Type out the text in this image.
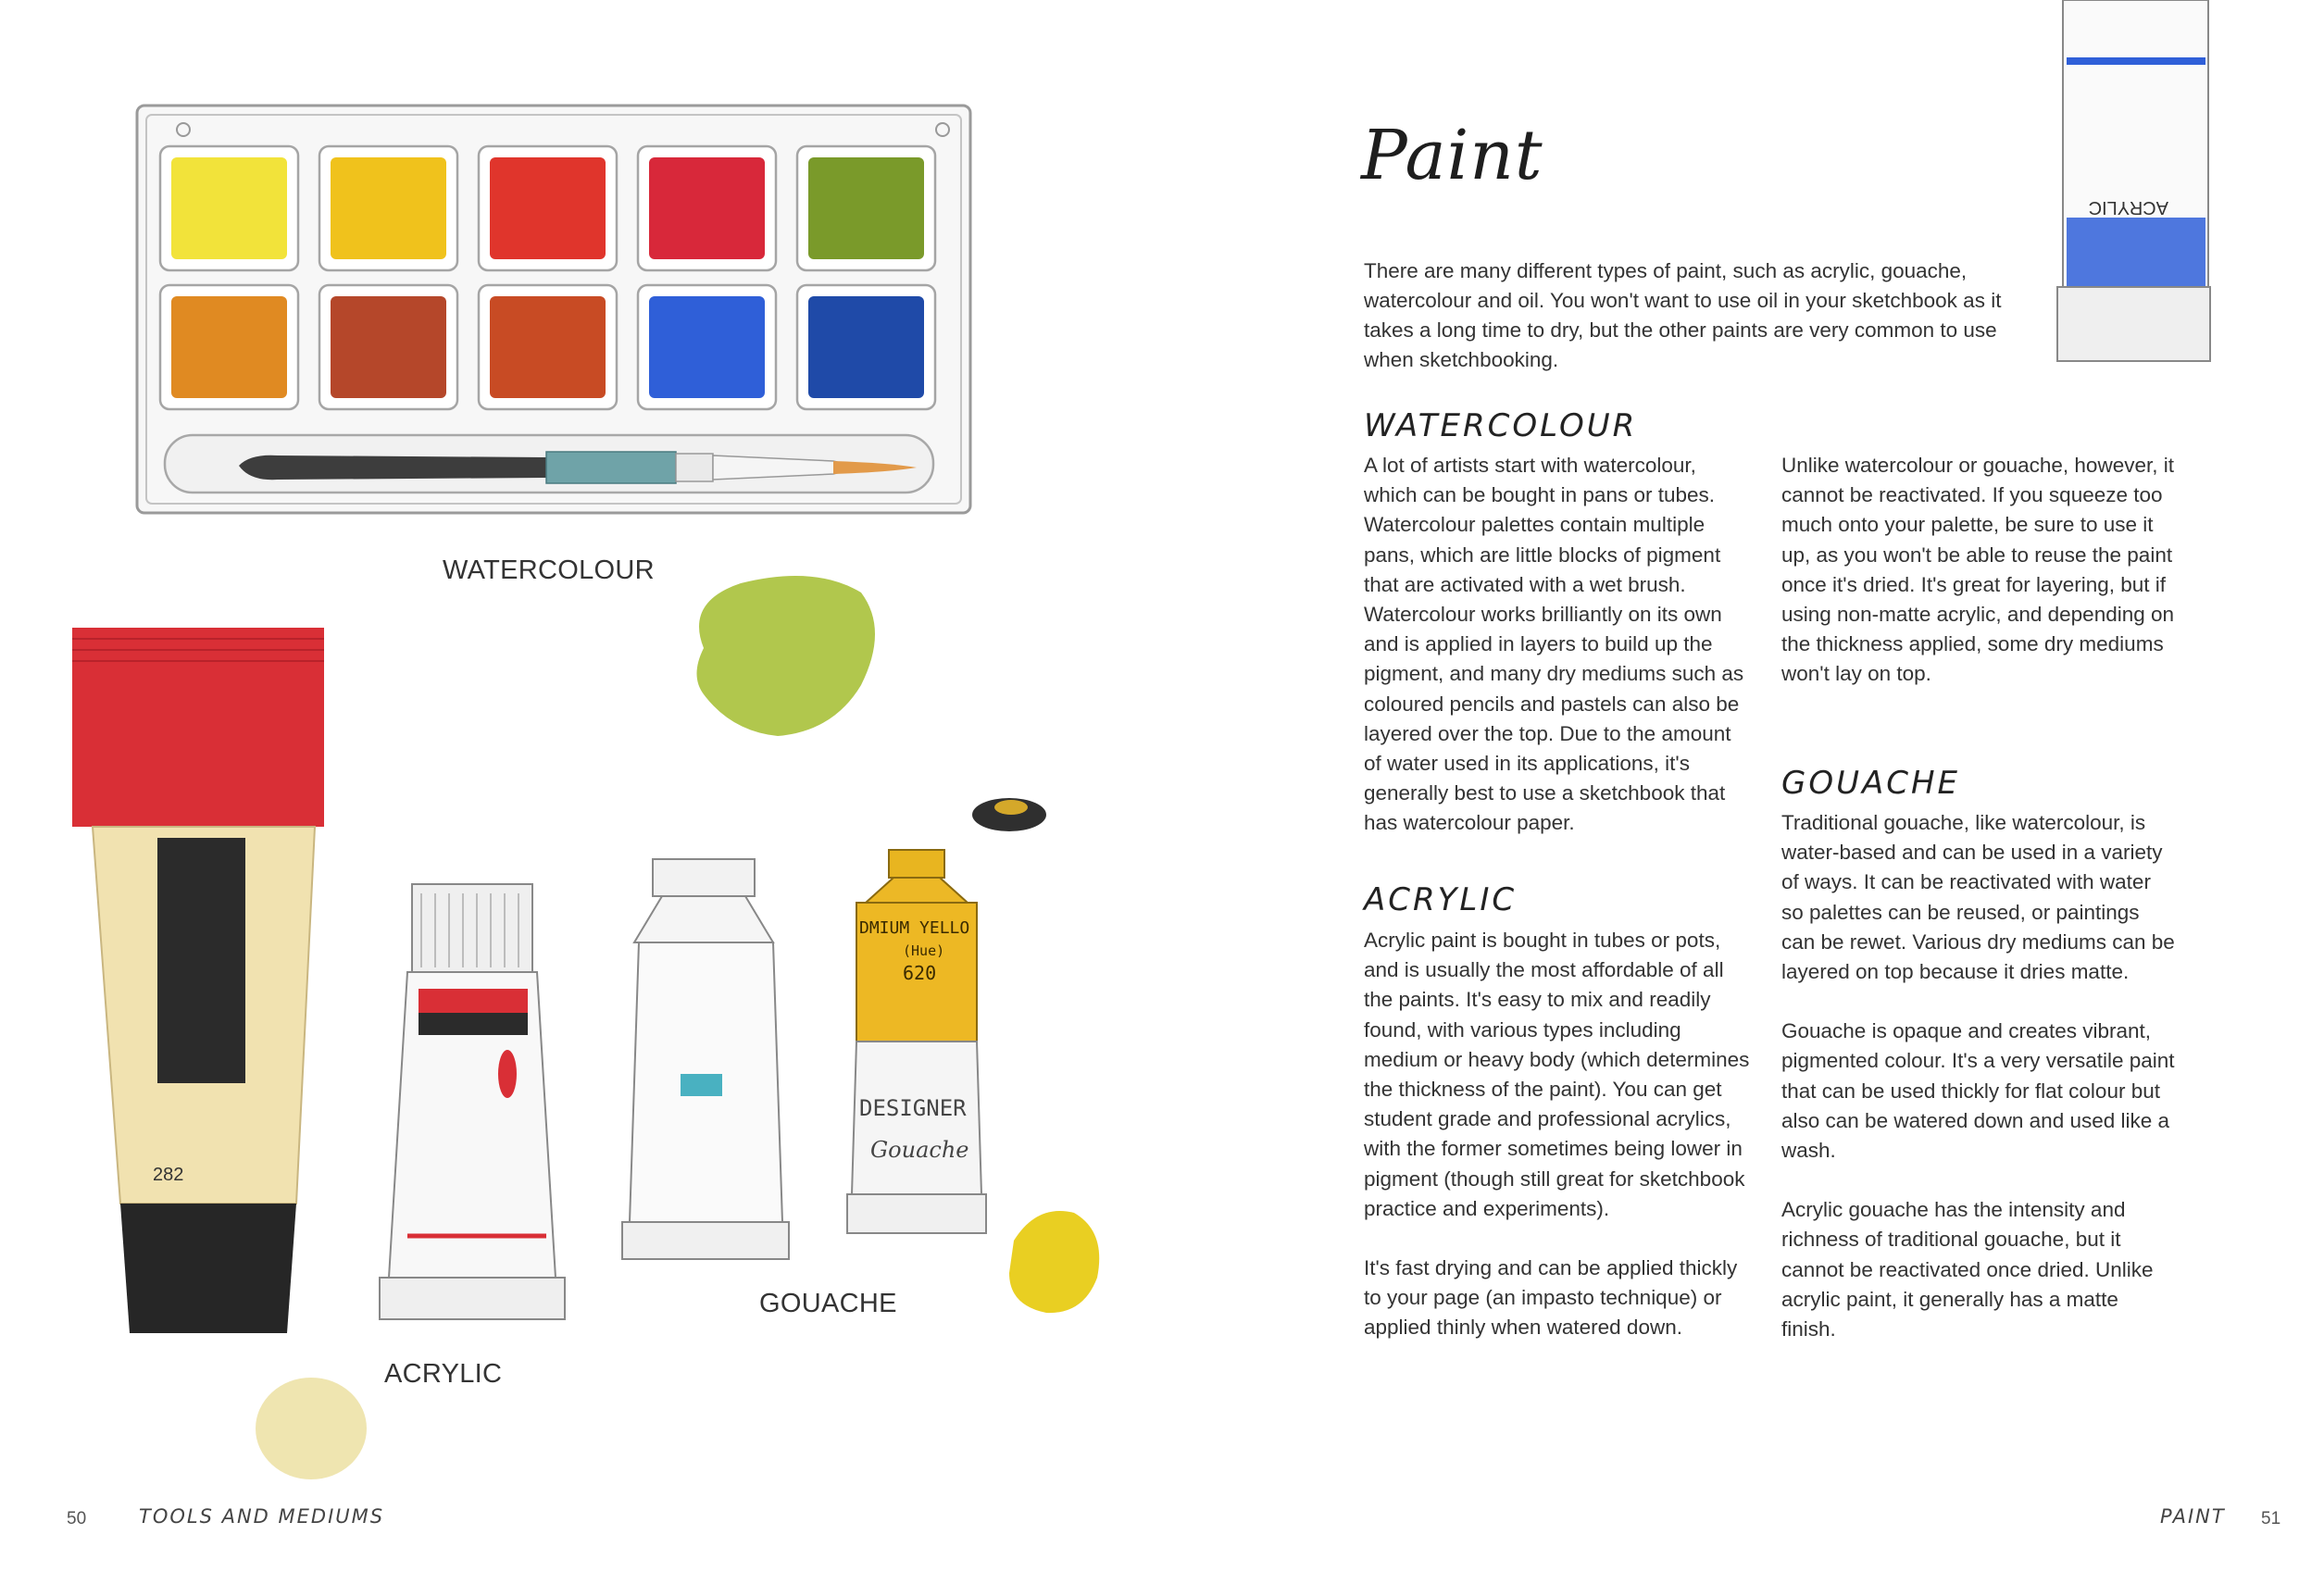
282
DMIUM YELLO
(Hue)
620
DESIGNER
Gouache
ACRYLIC
WATERCOLOUR
ACRYLIC
GOUACHE
50	TOOLS AND MEDIUMS
Paint
There are many different types of paint, such as acrylic, gouache, watercolour and oil. You won't want to use oil in your sketchbook as it takes a long time to dry, but the other paints are very common to use when sketchbooking.
WATERCOLOUR

A lot of artists start with watercolour, which can be bought in pans or tubes. Watercolour palettes contain multiple pans, which are little blocks of pigment that are activated with a wet brush. Watercolour works brilliantly on its own and is applied in layers to build up the pigment, and many dry mediums such as coloured pencils and pastels can also be layered over the top. Due to the amount of water used in its applications, it's generally best to use a sketchbook that has watercolour paper.

ACRYLIC

Acrylic paint is bought in tubes or pots, and is usually the most affordable of all the paints. It's easy to mix and readily found, with various types including medium or heavy body (which determines the thickness of the paint). You can get student grade and professional acrylics, with the former sometimes being lower in pigment (though still great for sketchbook practice and experiments).

It's fast drying and can be applied thickly to your page (an impasto technique) or applied thinly when watered down.

Unlike watercolour or gouache, however, it cannot be reactivated. If you squeeze too much onto your palette, be sure to use it up, as you won't be able to reuse the paint once it's dried. It's great for layering, but if using non-matte acrylic, and depending on the thickness applied, some dry mediums won't lay on top.

GOUACHE

Traditional gouache, like watercolour, is water-based and can be used in a variety of ways. It can be reactivated with water so palettes can be reused, or paintings can be rewet. Various dry mediums can be layered on top because it dries matte.

Gouache is opaque and creates vibrant, pigmented colour. It's a very versatile paint that can be used thickly for flat colour but also can be watered down and used like a wash.

Acrylic gouache has the intensity and richness of traditional gouache, but it cannot be reactivated once dried. Unlike acrylic paint, it generally has a matte finish.

PAINT 51
